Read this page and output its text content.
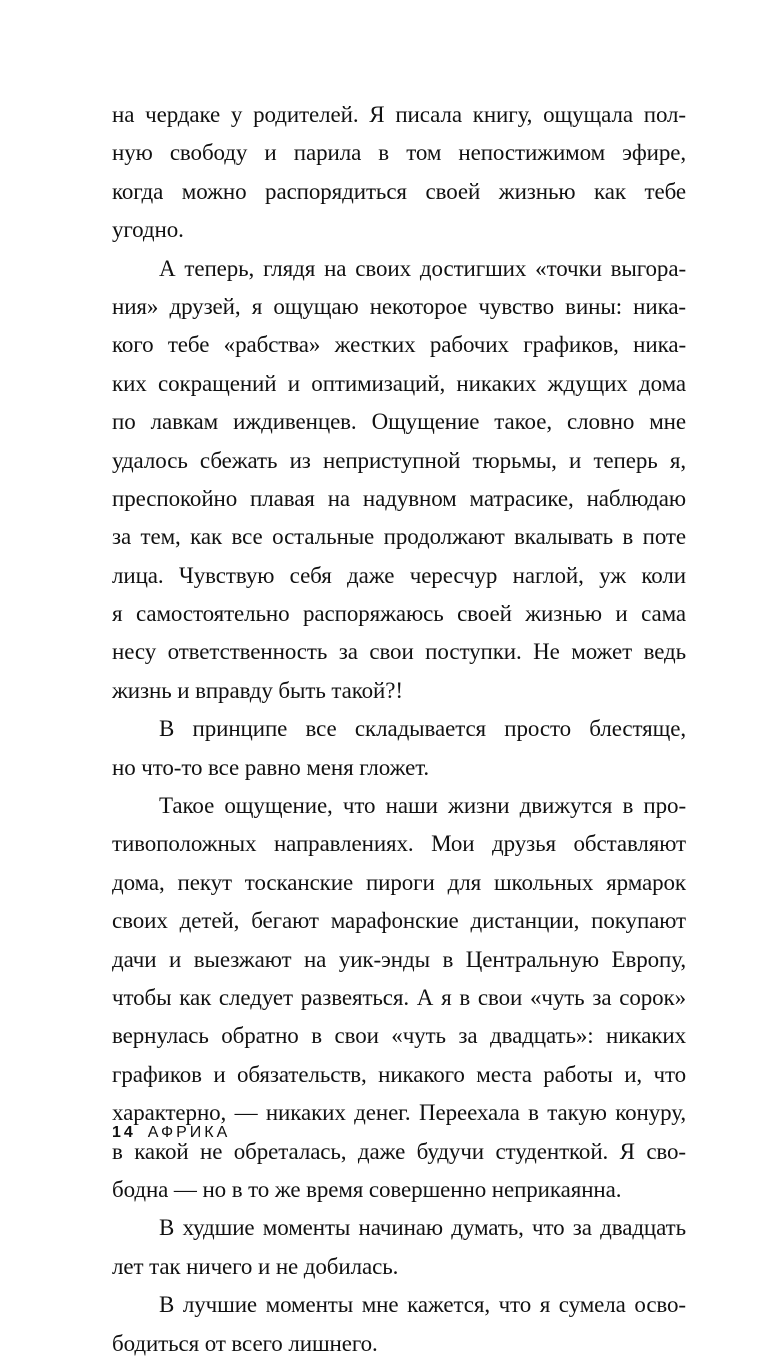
на чердаке у родителей. Я писала книгу, ощущала пол-
ную свободу и парила в том непостижимом эфире,
когда можно распорядиться своей жизнью как тебе
угодно.
А теперь, глядя на своих достигших «точки выгора-
ния» друзей, я ощущаю некоторое чувство вины: ника-
кого тебе «рабства» жестких рабочих графиков, ника-
ких сокращений и оптимизаций, никаких ждущих дома
по лавкам иждивенцев. Ощущение такое, словно мне
удалось сбежать из неприступной тюрьмы, и теперь я,
преспокойно плавая на надувном матрасике, наблюдаю
за тем, как все остальные продолжают вкалывать в поте
лица. Чувствую себя даже чересчур наглой, уж коли
я самостоятельно распоряжаюсь своей жизнью и сама
несу ответственность за свои поступки. Не может ведь
жизнь и вправду быть такой?!
В принципе все складывается просто блестяще,
но что-то все равно меня гложет.
Такое ощущение, что наши жизни движутся в про-
тивоположных направлениях. Мои друзья обставляют
дома, пекут тосканские пироги для школьных ярмарок
своих детей, бегают марафонские дистанции, покупают
дачи и выезжают на уик-энды в Центральную Европу,
чтобы как следует развеяться. А я в свои «чуть за сорок»
вернулась обратно в свои «чуть за двадцать»: никаких
графиков и обязательств, никакого места работы и, что
характерно, — никаких денег. Переехала в такую конуру,
в какой не обреталась, даже будучи студенткой. Я сво-
бодна — но в то же время совершенно неприкаянна.
В худшие моменты начинаю думать, что за двадцать
лет так ничего и не добилась.
В лучшие моменты мне кажется, что я сумела осво-
бодиться от всего лишнего.
14 АФРИКА
